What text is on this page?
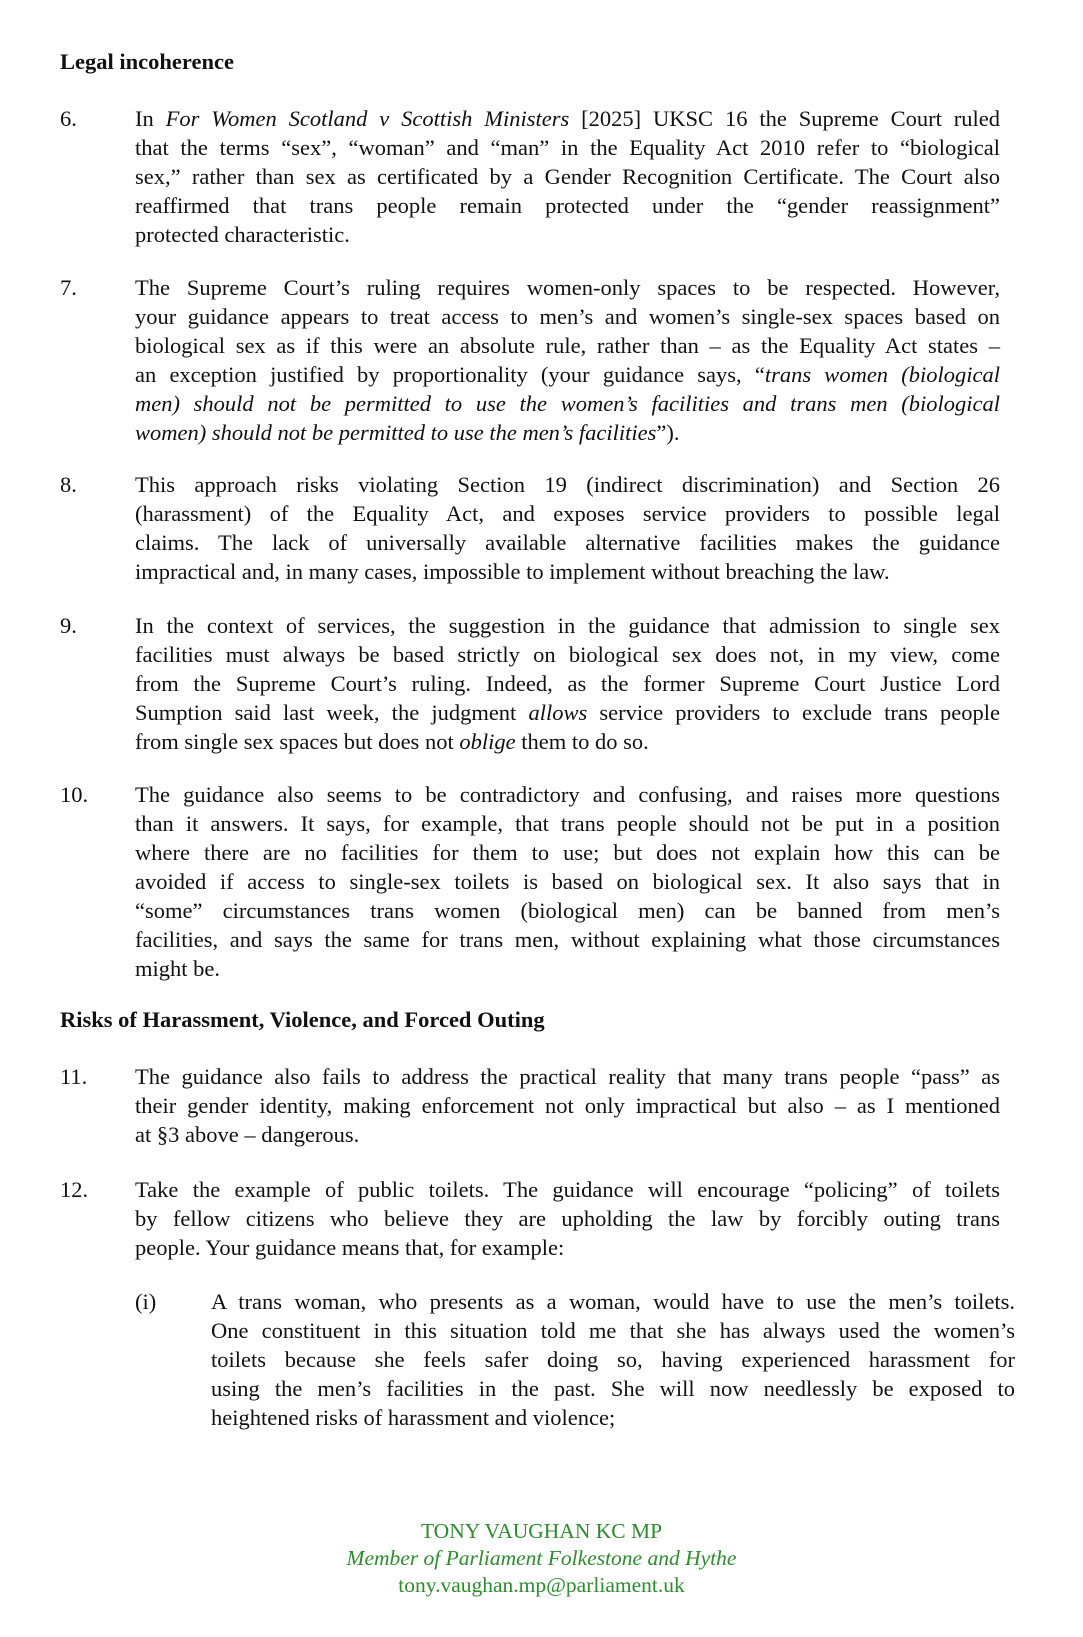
Legal incoherence
6.	In For Women Scotland v Scottish Ministers [2025] UKSC 16 the Supreme Court ruled
that the terms “sex”, “woman” and “man” in the Equality Act 2010 refer to “biological
sex,” rather than sex as certificated by a Gender Recognition Certificate. The Court also
reaffirmed that trans people remain protected under the “gender reassignment”
protected characteristic.
7.	The Supreme Court’s ruling requires women-only spaces to be respected. However,
your guidance appears to treat access to men’s and women’s single-sex spaces based on
biological sex as if this were an absolute rule, rather than – as the Equality Act states –
an exception justified by proportionality (your guidance says, “trans women (biological
men) should not be permitted to use the women’s facilities and trans men (biological
women) should not be permitted to use the men’s facilities”).
8.	This approach risks violating Section 19 (indirect discrimination) and Section 26
(harassment) of the Equality Act, and exposes service providers to possible legal
claims. The lack of universally available alternative facilities makes the guidance
impractical and, in many cases, impossible to implement without breaching the law.
9.	In the context of services, the suggestion in the guidance that admission to single sex
facilities must always be based strictly on biological sex does not, in my view, come
from the Supreme Court’s ruling. Indeed, as the former Supreme Court Justice Lord
Sumption said last week, the judgment allows service providers to exclude trans people
from single sex spaces but does not oblige them to do so.
10. The guidance also seems to be contradictory and confusing, and raises more questions
than it answers. It says, for example, that trans people should not be put in a position
where there are no facilities for them to use; but does not explain how this can be
avoided if access to single-sex toilets is based on biological sex. It also says that in
“some” circumstances trans women (biological men) can be banned from men’s
facilities, and says the same for trans men, without explaining what those circumstances
might be.
Risks of Harassment, Violence, and Forced Outing
11. The guidance also fails to address the practical reality that many trans people “pass” as
their gender identity, making enforcement not only impractical but also – as I mentioned
at §3 above – dangerous.
12. Take the example of public toilets. The guidance will encourage “policing” of toilets
by fellow citizens who believe they are upholding the law by forcibly outing trans
people. Your guidance means that, for example:
(i) A trans woman, who presents as a woman, would have to use the men’s toilets.
One constituent in this situation told me that she has always used the women’s
toilets because she feels safer doing so, having experienced harassment for
using the men’s facilities in the past. She will now needlessly be exposed to
heightened risks of harassment and violence;
TONY VAUGHAN KC MP
Member of Parliament Folkestone and Hythe
tony.vaughan.mp@parliament.uk
